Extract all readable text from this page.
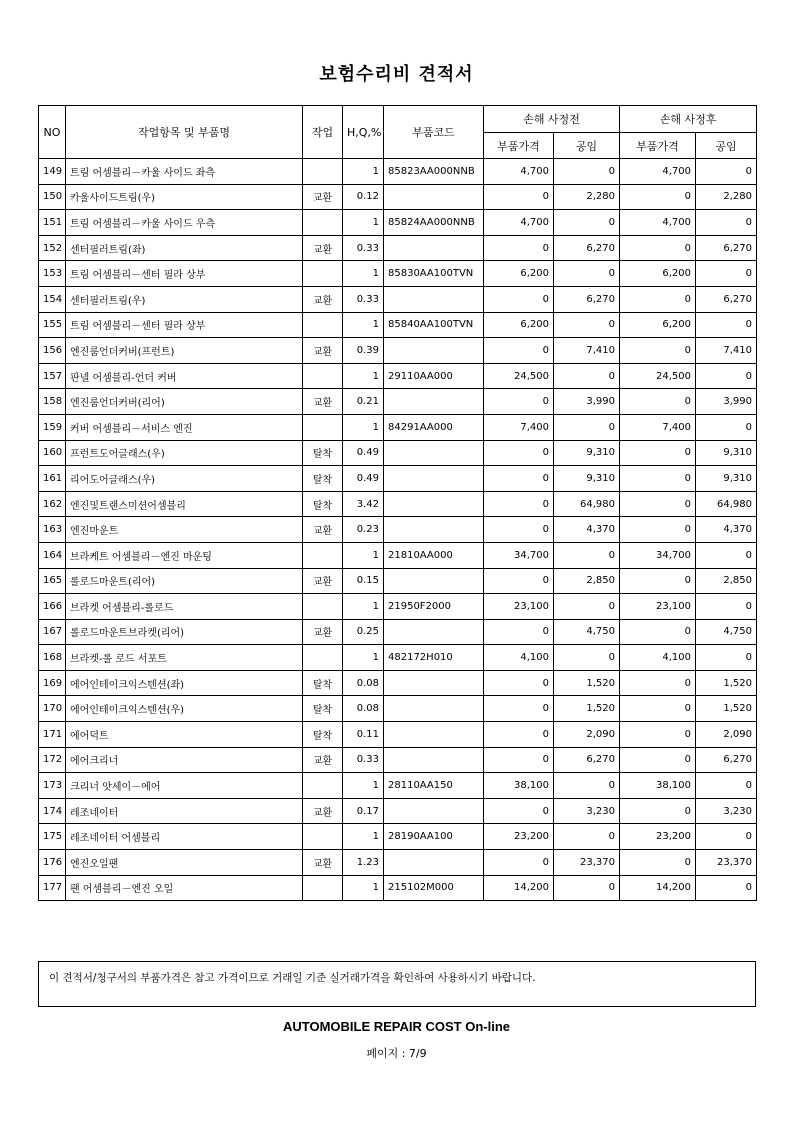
보험수리비 견적서
NO	작업항목 및 부품명	작업	H,Q,%	부품코드	손해 사정전		손해 사정후	
					부품가격	공임	부품가격	공임
149	트림 어셈블리－카울 사이드 좌측		1	85823AA000NNB	4,700	0	4,700	0
150	카울사이드트림(우)	교환	0.12		0	2,280	0	2,280
151	트림 어셈블리－카울 사이드 우측		1	85824AA000NNB	4,700	0	4,700	0
152	센터필러트림(좌)	교환	0.33		0	6,270	0	6,270
153	트림 어셈블리－센터 필라 상부		1	85830AA100TVN	6,200	0	6,200	0
154	센터필러트림(우)	교환	0.33		0	6,270	0	6,270
155	트림 어셈블리－센터 필라 상부		1	85840AA100TVN	6,200	0	6,200	0
156	엔진룸언더커버(프런트)	교환	0.39		0	7,410	0	7,410
157	판넬 어셈블리-언더 커버		1	29110AA000	24,500	0	24,500	0
158	엔진룸언더커버(리어)	교환	0.21		0	3,990	0	3,990
159	커버 어셈블리－서비스 엔진		1	84291AA000	7,400	0	7,400	0
160	프런트도어글래스(우)	탈착	0.49		0	9,310	0	9,310
161	리어도어글래스(우)	탈착	0.49		0	9,310	0	9,310
162	엔진및트랜스미션어셈블리	탈착	3.42		0	64,980	0	64,980
163	엔진마운트	교환	0.23		0	4,370	0	4,370
164	브라케트 어셈블리－엔진 마운팅		1	21810AA000	34,700	0	34,700	0
165	롤로드마운트(리어)	교환	0.15		0	2,850	0	2,850
166	브라켓 어셈블리-롤로드		1	21950F2000	23,100	0	23,100	0
167	롤로드마운트브라켓(리어)	교환	0.25		0	4,750	0	4,750
168	브라켓-롤 로드 서포트		1	482172H010	4,100	0	4,100	0
169	에어인테이크익스텐션(좌)	탈착	0.08		0	1,520	0	1,520
170	에어인테이크익스텐션(우)	탈착	0.08		0	1,520	0	1,520
171	에어덕트	탈착	0.11		0	2,090	0	2,090
172	에어크리너	교환	0.33		0	6,270	0	6,270
173	크리너 앗세이－에어		1	28110AA150	38,100	0	38,100	0
174	레조네이터	교환	0.17		0	3,230	0	3,230
175	레조네이터 어셈블리		1	28190AA100	23,200	0	23,200	0
176	엔진오일팬	교환	1.23		0	23,370	0	23,370
177	팬 어셈블리－엔진 오일		1	215102M000	14,200	0	14,200	0
이 견적서/청구서의 부품가격은 참고 가격이므로 거래일 기준 실거래가격을 확인하여 사용하시기 바랍니다.
AUTOMOBILE REPAIR COST On-line
페이지 : 7/9
